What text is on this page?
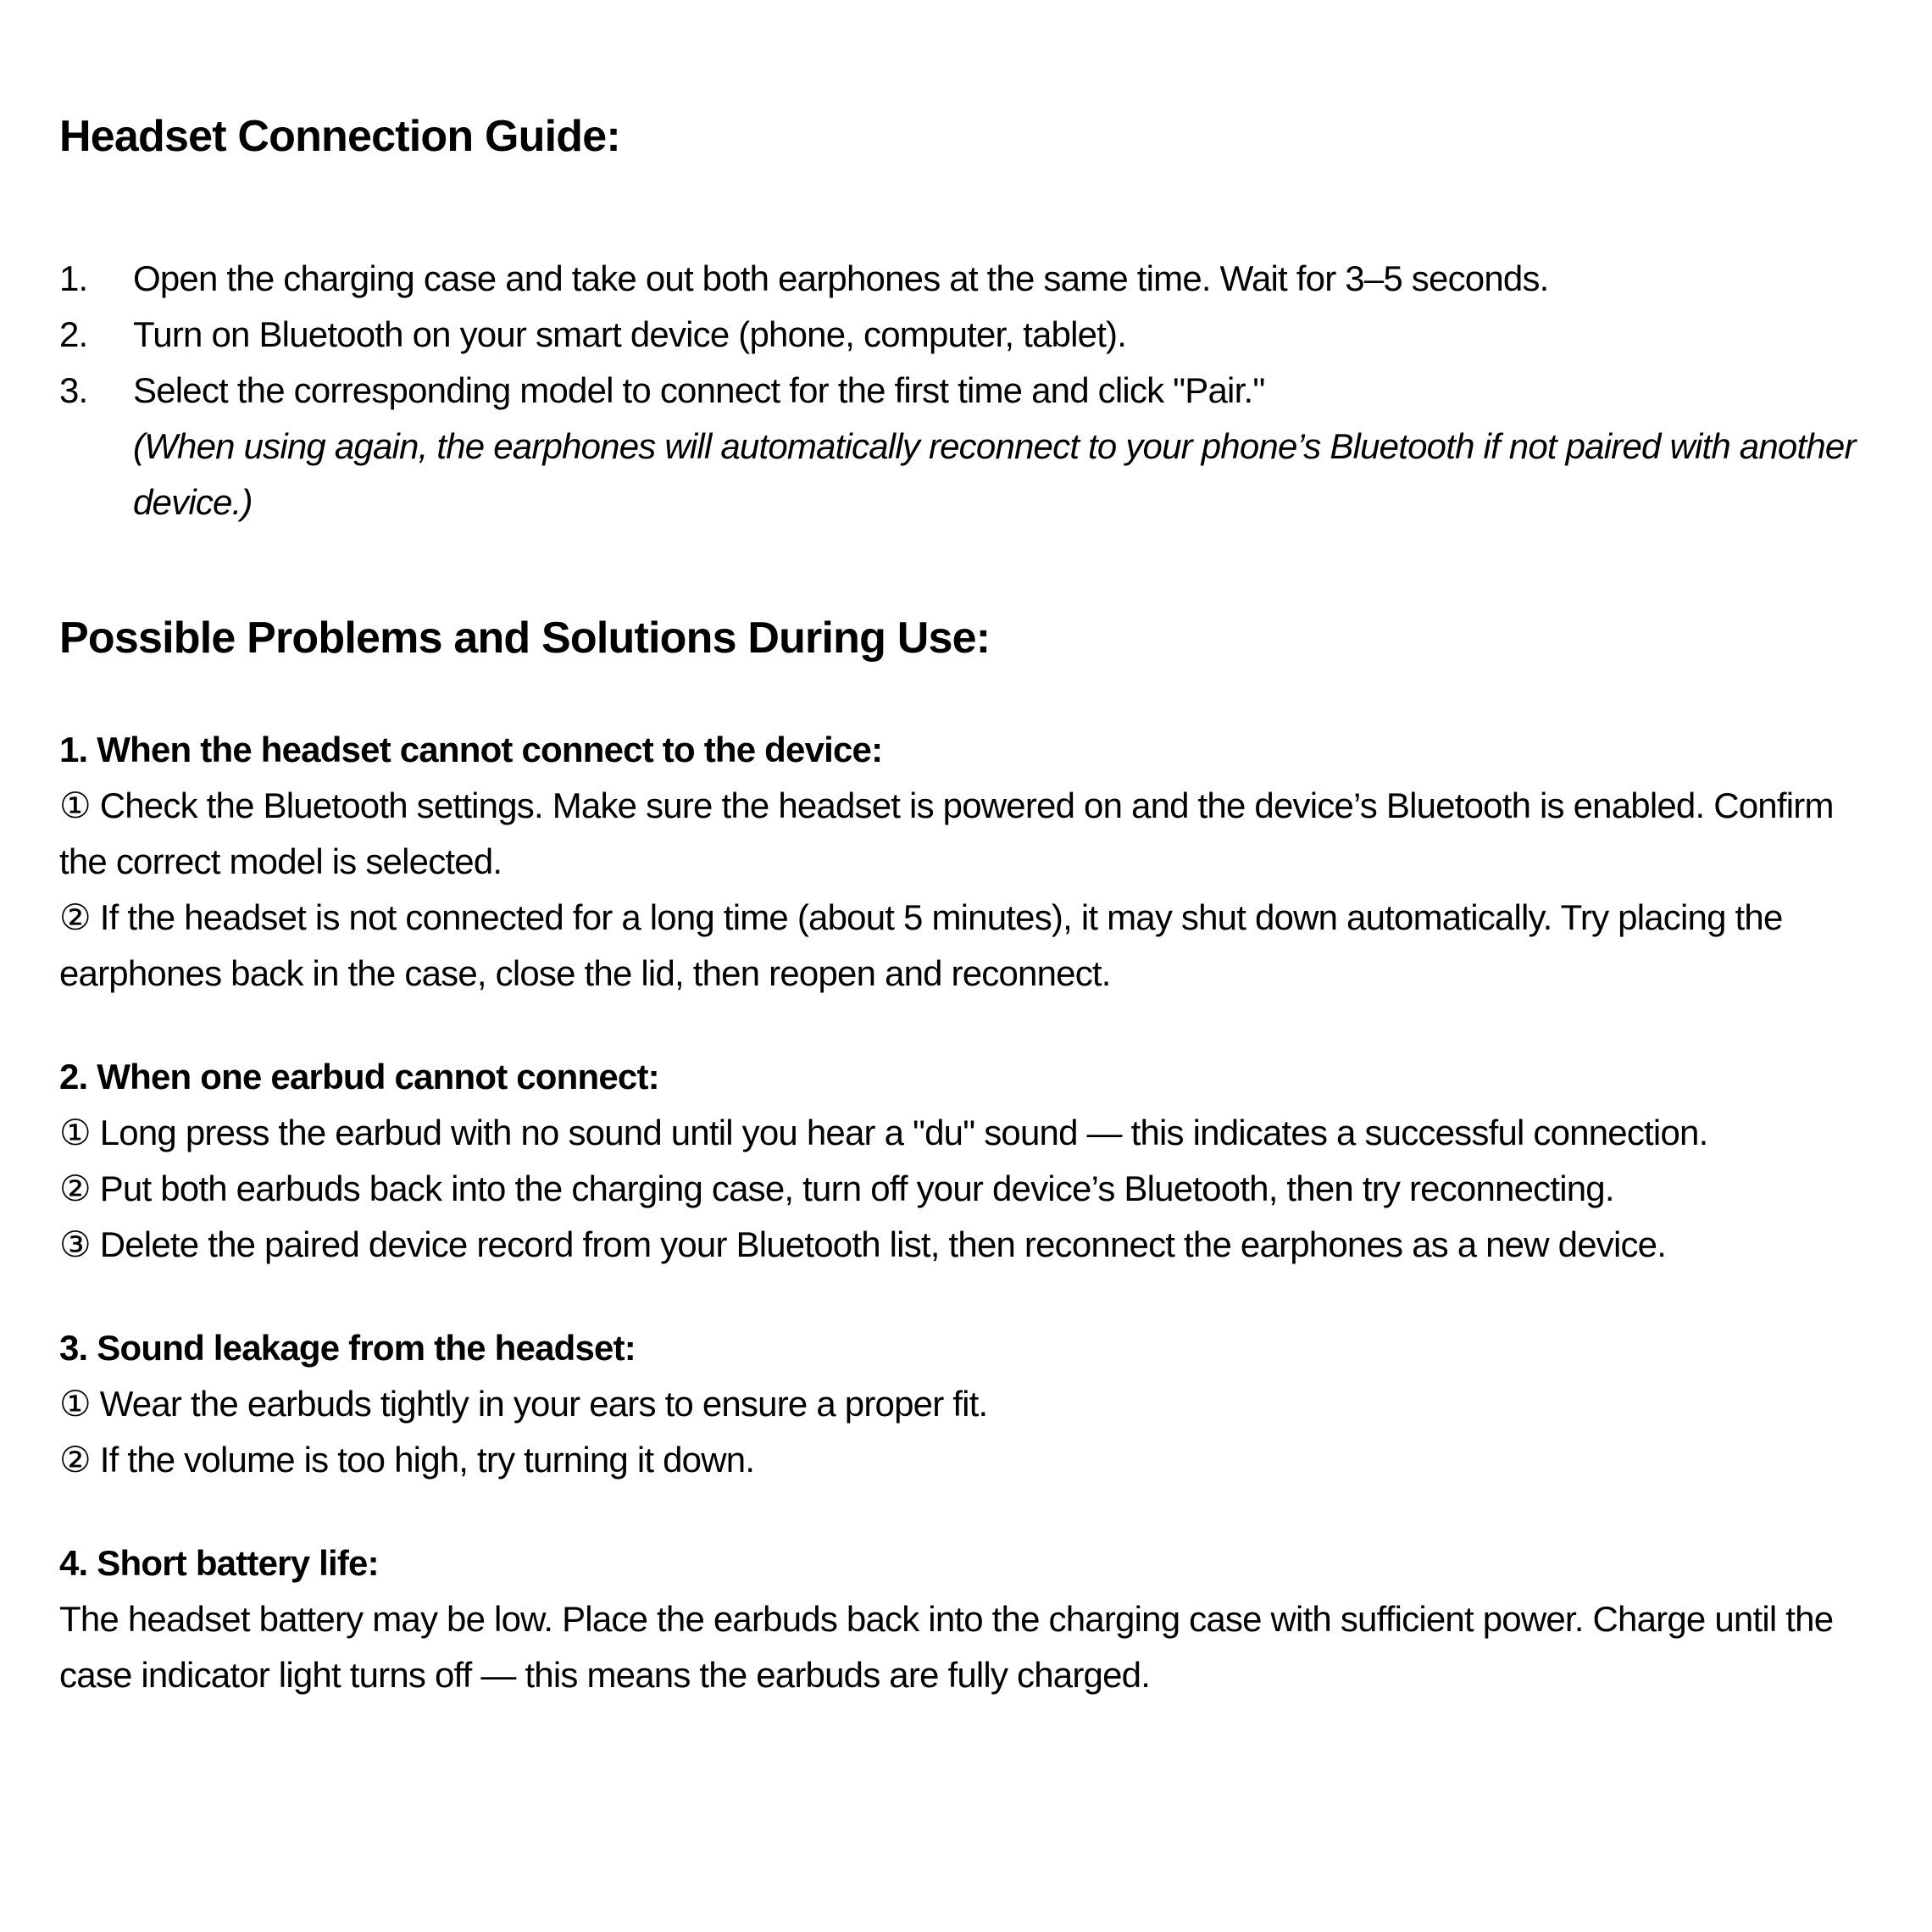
Headset Connection Guide:
1.	Open the charging case and take out both earphones at the same time. Wait for 3–5 seconds.
2.	Turn on Bluetooth on your smart device (phone, computer, tablet).
3.	Select the corresponding model to connect for the first time and click "Pair."
(When using again, the earphones will automatically reconnect to your phone’s Bluetooth if not paired with another device.)
Possible Problems and Solutions During Use:

1. When the headset cannot connect to the device:

① Check the Bluetooth settings. Make sure the headset is powered on and the device’s Bluetooth is enabled. Confirm the correct model is selected.

② If the headset is not connected for a long time (about 5 minutes), it may shut down automatically. Try placing the earphones back in the case, close the lid, then reopen and reconnect.

2. When one earbud cannot connect:

① Long press the earbud with no sound until you hear a "du" sound — this indicates a successful connection.

② Put both earbuds back into the charging case, turn off your device’s Bluetooth, then try reconnecting.

③ Delete the paired device record from your Bluetooth list, then reconnect the earphones as a new device.

3. Sound leakage from the headset:

① Wear the earbuds tightly in your ears to ensure a proper fit.

② If the volume is too high, try turning it down.

4. Short battery life:

The headset battery may be low. Place the earbuds back into the charging case with sufficient power. Charge until the case indicator light turns off — this means the earbuds are fully charged.
